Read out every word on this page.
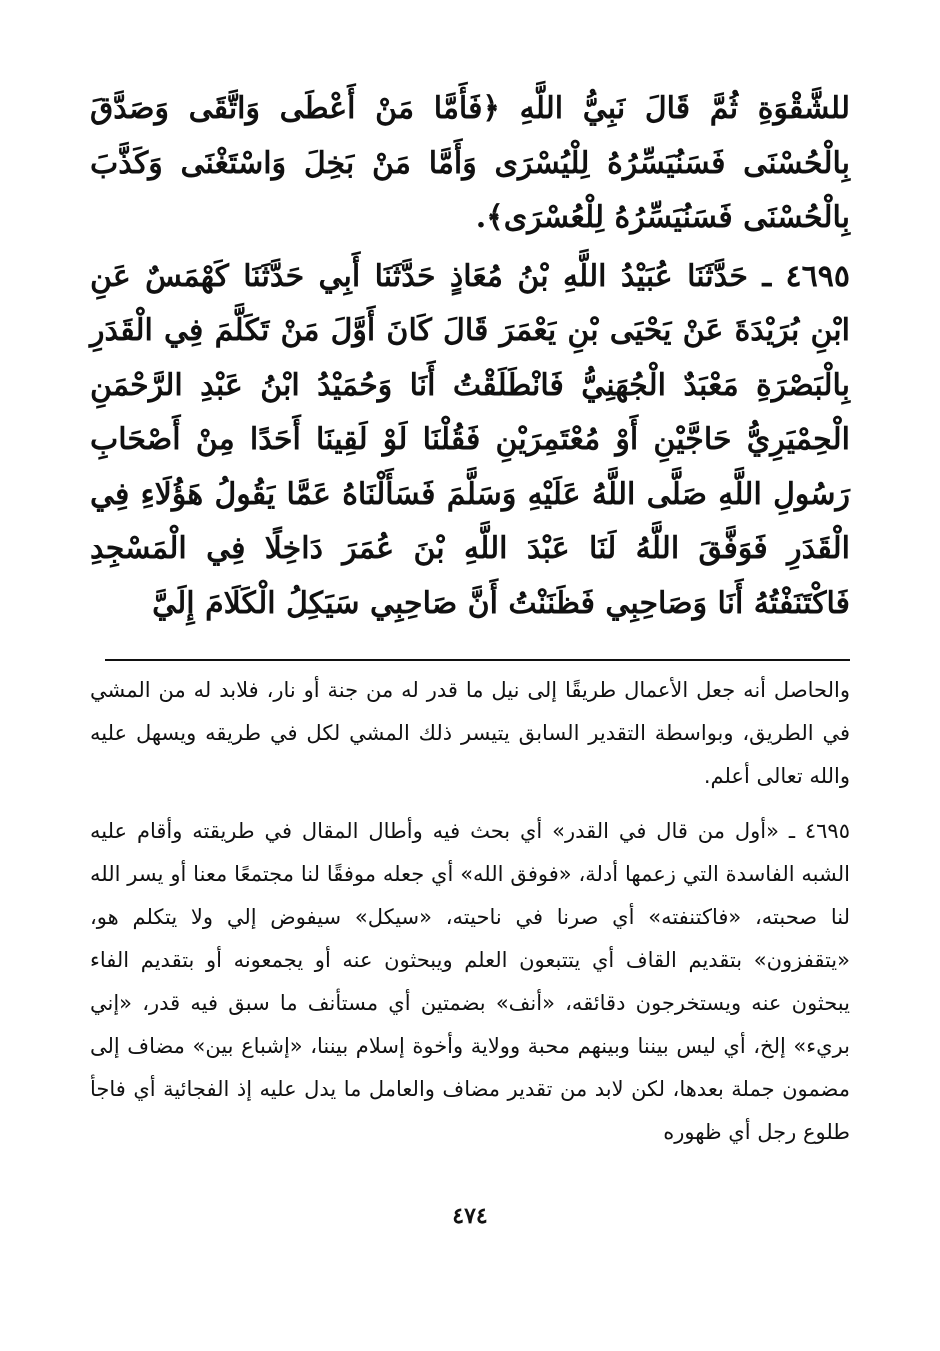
للشَّقْوَةِ ثُمَّ قَالَ نَبِيُّ اللَّهِ ﴿فَأَمَّا مَنْ أَعْطَى وَاتَّقَى وَصَدَّقَ بِالْحُسْنَى فَسَنُيَسِّرُهُ لِلْيُسْرَى وَأَمَّا مَنْ بَخِلَ وَاسْتَغْنَى وَكَذَّبَ بِالْحُسْنَى فَسَنُيَسِّرُهُ لِلْعُسْرَى﴾.

٤٦٩٥ ـ حَدَّثَنَا عُبَيْدُ اللَّهِ بْنُ مُعَاذٍ حَدَّثَنَا أَبِي حَدَّثَنَا كَهْمَسٌ عَنِ ابْنِ بُرَيْدَةَ عَنْ يَحْيَى بْنِ يَعْمَرَ قَالَ كَانَ أَوَّلَ مَنْ تَكَلَّمَ فِي الْقَدَرِ بِالْبَصْرَةِ مَعْبَدٌ الْجُهَنِيُّ فَانْطَلَقْتُ أَنَا وَحُمَيْدُ ابْنُ عَبْدِ الرَّحْمَنِ الْحِمْيَرِيُّ حَاجَّيْنِ أَوْ مُعْتَمِرَيْنِ فَقُلْنَا لَوْ لَقِينَا أَحَدًا مِنْ أَصْحَابِ رَسُولِ اللَّهِ صَلَّى اللَّهُ عَلَيْهِ وَسَلَّمَ فَسَأَلْنَاهُ عَمَّا يَقُولُ هَؤُلَاءِ فِي الْقَدَرِ فَوَفَّقَ اللَّهُ لَنَا عَبْدَ اللَّهِ بْنَ عُمَرَ دَاخِلًا فِي الْمَسْجِدِ فَاكْتَنَفْتُهُ أَنَا وَصَاحِبِي فَظَنَنْتُ أَنَّ صَاحِبِي سَيَكِلُ الْكَلَامَ إِلَيَّ

والحاصل أنه جعل الأعمال طريقًا إلى نيل ما قدر له من جنة أو نار، فلابد له من المشي في الطريق، وبواسطة التقدير السابق يتيسر ذلك المشي لكل في طريقه ويسهل عليه والله تعالى أعلم.

٤٦٩٥ ـ «أول من قال في القدر» أي بحث فيه وأطال المقال في طريقته وأقام عليه الشبه الفاسدة التي زعمها أدلة، «فوفق الله» أي جعله موفقًا لنا مجتمعًا معنا أو يسر الله لنا صحبته، «فاكتنفته» أي صرنا في ناحيته، «سيكل» سيفوض إلي ولا يتكلم هو، «يتقفزون» بتقديم القاف أي يتتبعون العلم ويبحثون عنه أو يجمعونه أو بتقديم الفاء يبحثون عنه ويستخرجون دقائقه، «أنف» بضمتين أي مستأنف ما سبق فيه قدر، «إني بريء» إلخ، أي ليس بيننا وبينهم محبة وولاية وأخوة إسلام بيننا، «إشباع بين» مضاف إلى مضمون جملة بعدها، لكن لابد من تقدير مضاف والعامل ما يدل عليه إذ الفجائية أي فاجأ طلوع رجل أي ظهوره

٤٧٤
